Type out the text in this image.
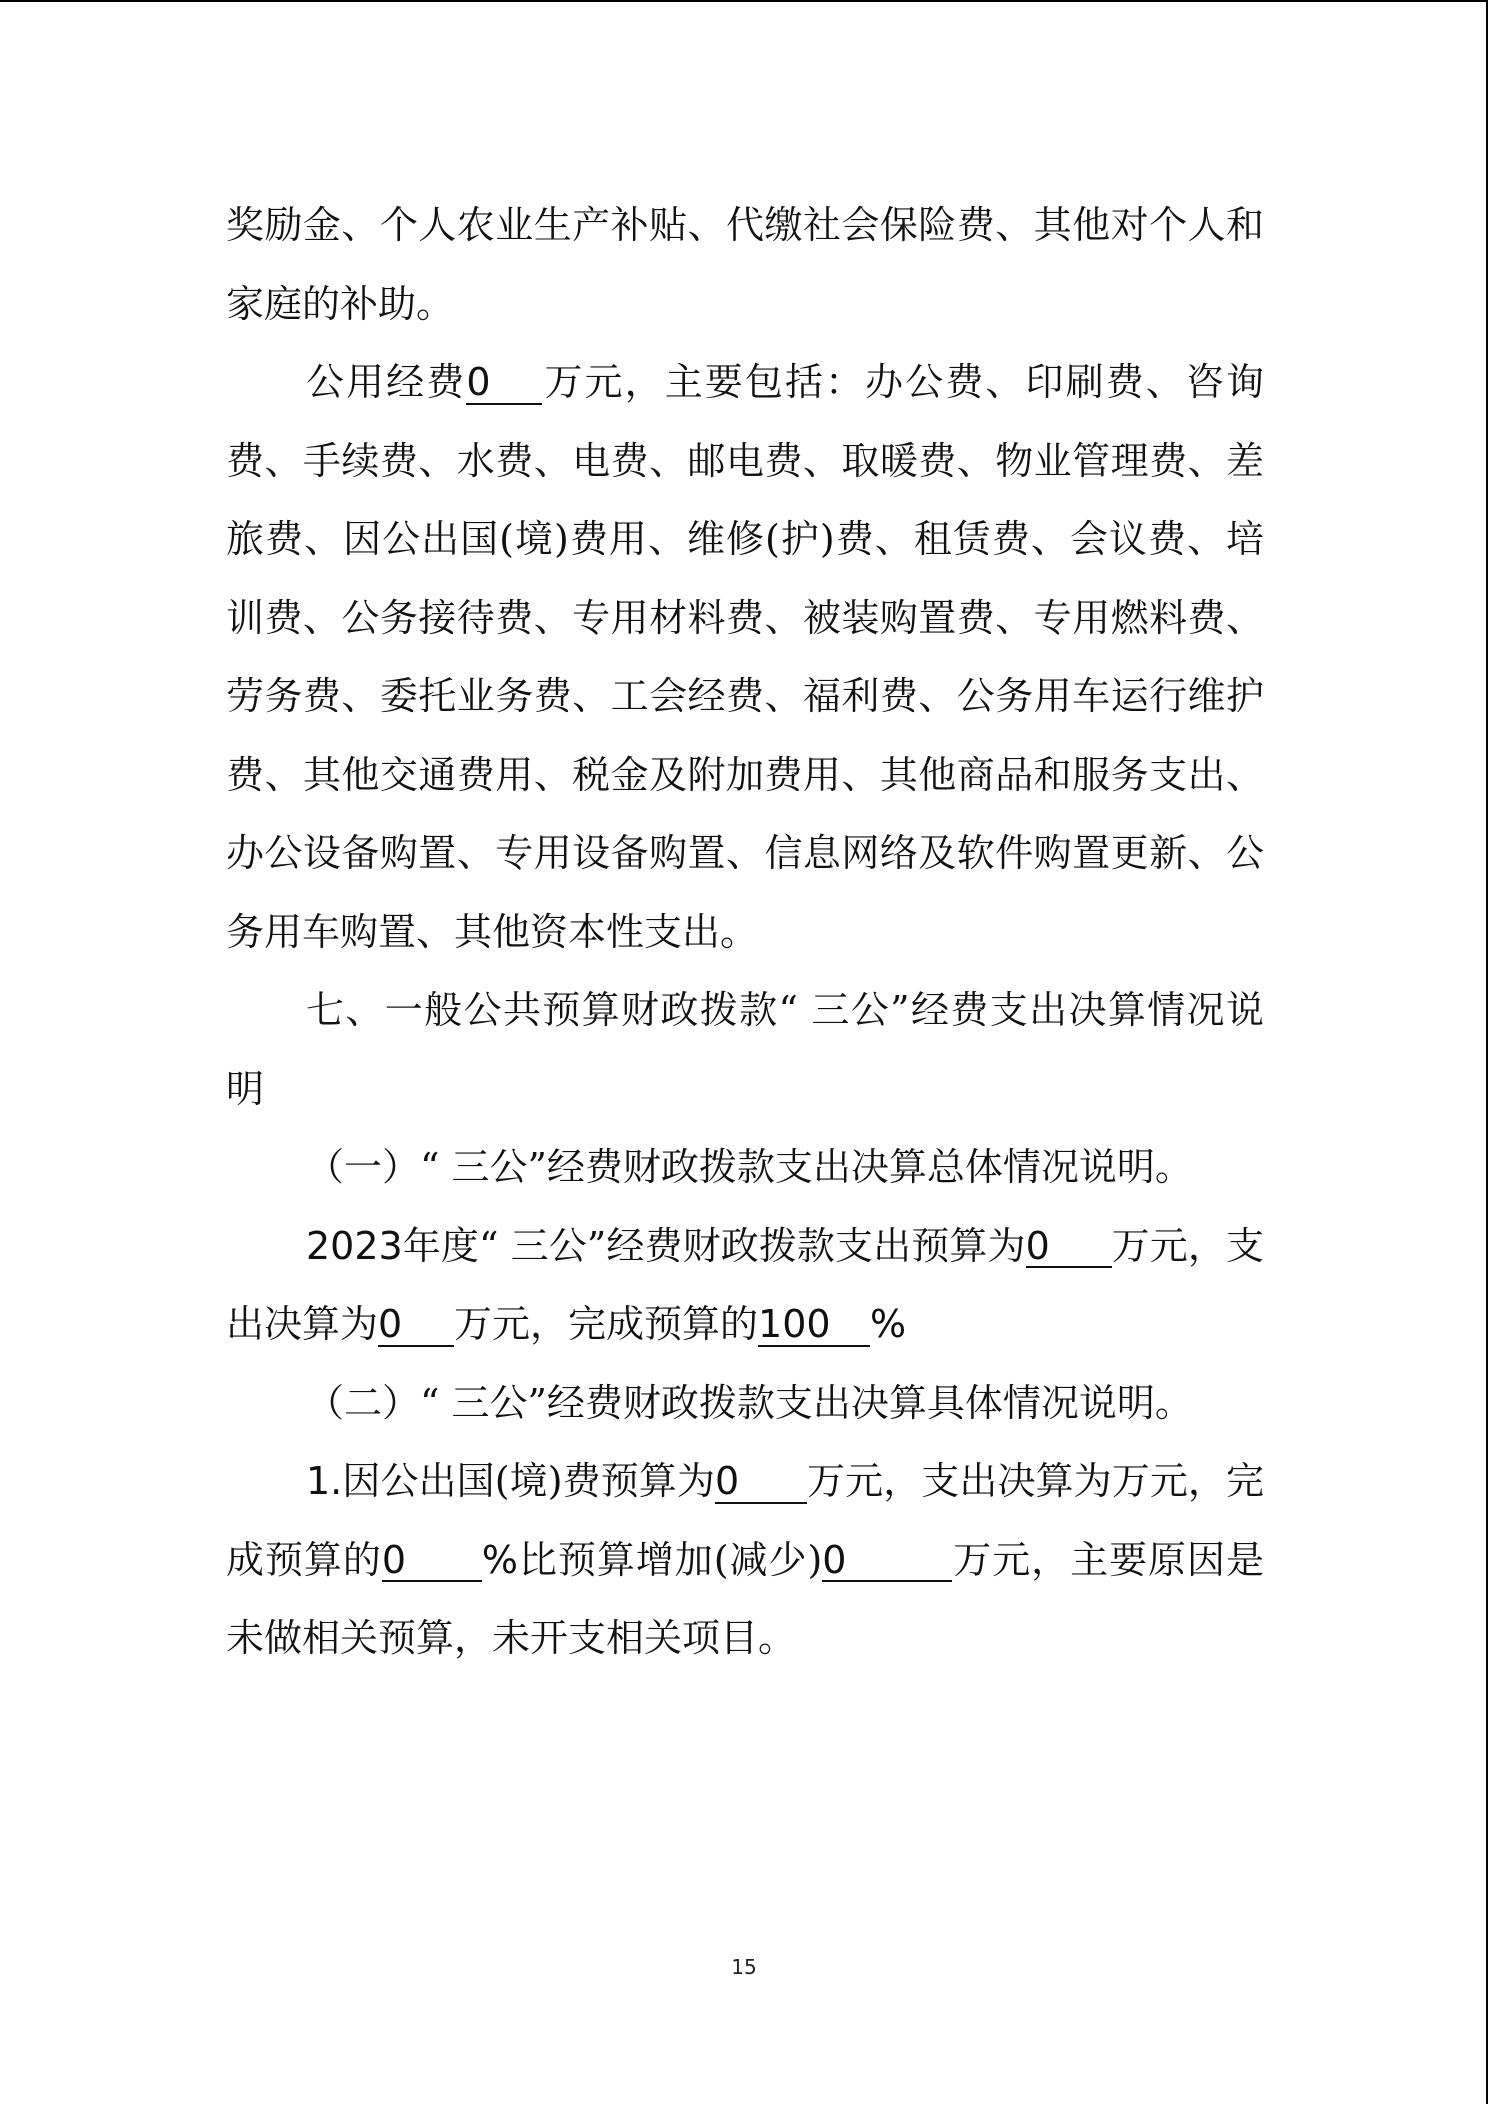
奖励金、个人农业生产补贴、代缴社会保险费、其他对个人和家庭的补助。

公用经费0 万元，主要包括：办公费、印刷费、咨询费、手续费、水费、电费、邮电费、取暖费、物业管理费、差旅费、因公出国(境)费用、维修(护)费、租赁费、会议费、培训费、公务接待费、专用材料费、被装购置费、专用燃料费、劳务费、委托业务费、工会经费、福利费、公务用车运行维护费、其他交通费用、税金及附加费用、其他商品和服务支出、办公设备购置、专用设备购置、信息网络及软件购置更新、公务用车购置、其他资本性支出。

七、一般公共预算财政拨款“ 三公”经费支出决算情况说明

（一）“ 三公”经费财政拨款支出决算总体情况说明。

2023年度“ 三公”经费财政拨款支出预算为0 万元，支出决算为0 万元，完成预算的100 %

（二）“ 三公”经费财政拨款支出决算具体情况说明。

1.因公出国(境)费预算为0 万元，支出决算为万元，完成预算的0 %比预算增加(减少)0	万元，主要原因是未做相关预算，未开支相关项目。

15
